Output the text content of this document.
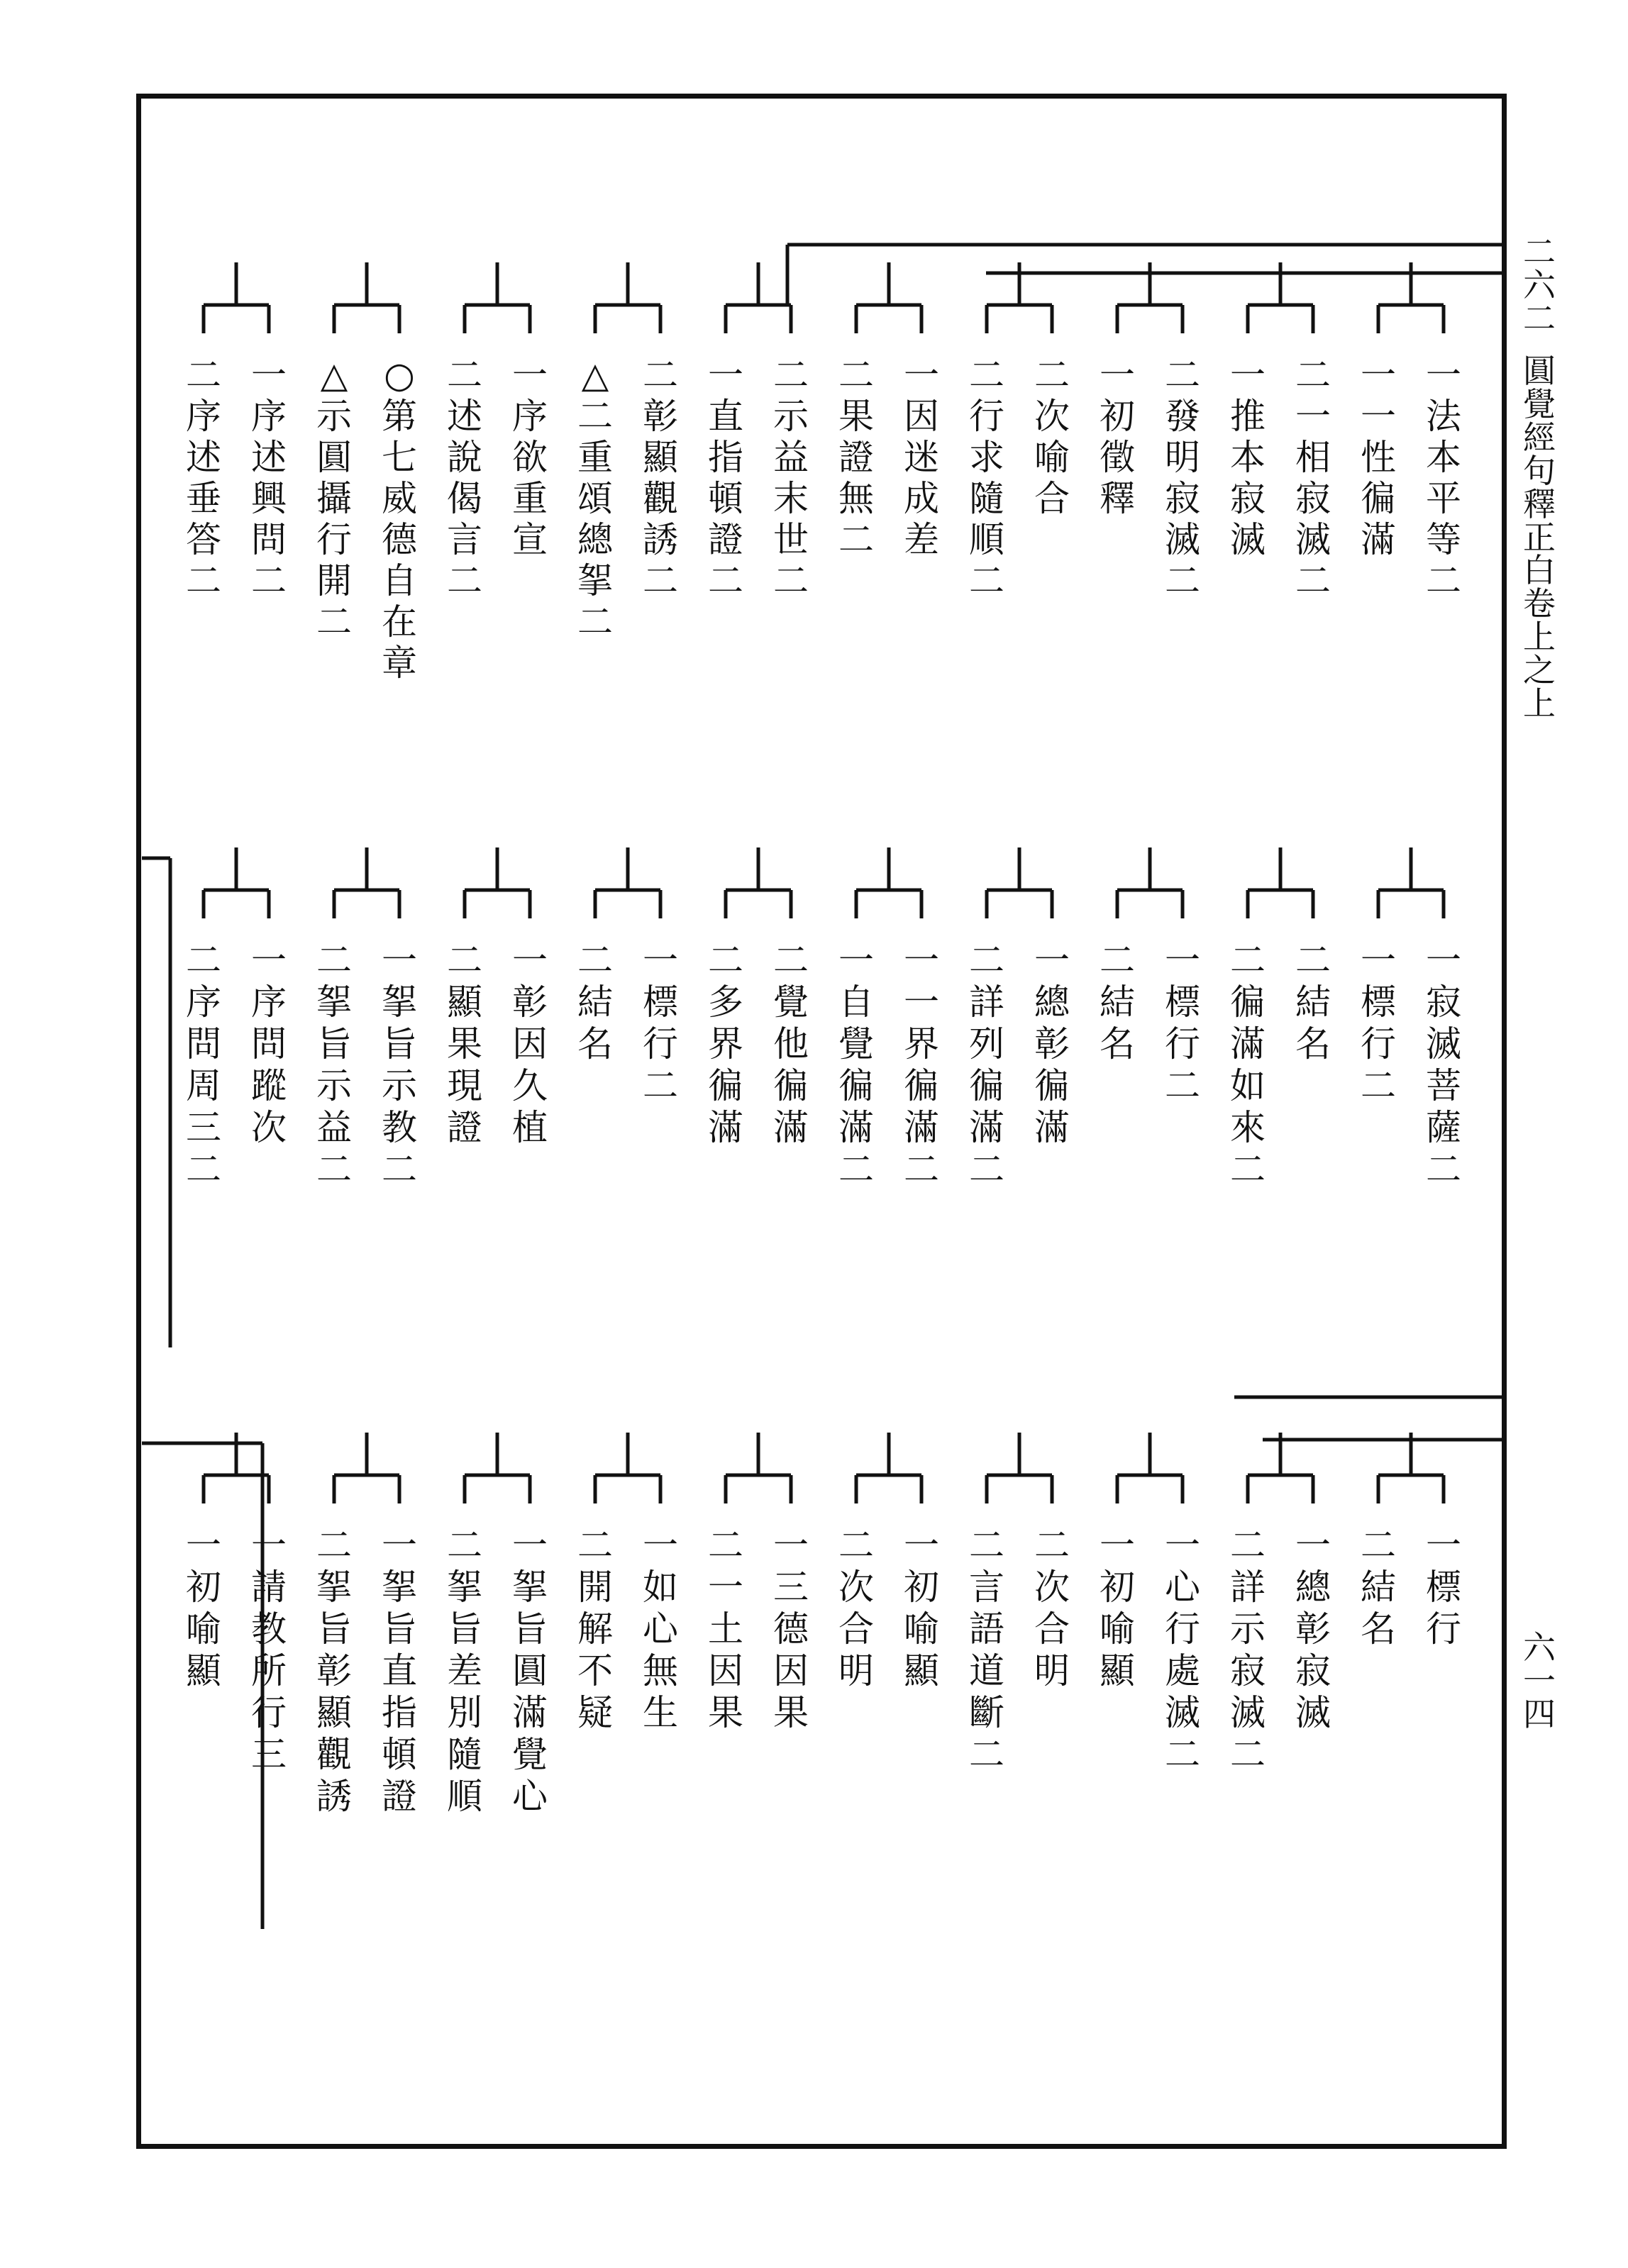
二
六
二
圓
覺
經
句
釋
正
白
卷
上
之
上
六
一
四
一
法
本
平
等
二
一
一
性
徧
滿
二
一
相
寂
滅
二
一
推
本
寂
滅
二
發
明
寂
滅
二
一
初
徵
釋
二
次
喻
合
二
行
求
隨
順
二
一
因
迷
成
差
二
果
證
無
二
二
示
益
末
世
二
一
直
指
頓
證
二
二
彰
顯
觀
誘
二
△
二
重
頌
總
挐
二
一
序
欲
重
宣
二
述
說
偈
言
二
○
第
七
威
德
自
在
章
△
示
圓
攝
行
開
二
一
序
述
興
問
二
二
序
述
垂
答
二
一
寂
滅
菩
薩
二
一
標
行
二
二
結
名
二
徧
滿
如
來
二
一
標
行
二
二
結
名
一
總
彰
徧
滿
二
詳
列
徧
滿
二
一
一
界
徧
滿
二
一
自
覺
徧
滿
二
二
覺
他
徧
滿
二
多
界
徧
滿
一
標
行
二
二
結
名
一
彰
因
久
植
二
顯
果
現
證
一
挐
旨
示
教
二
二
挐
旨
示
益
二
一
序
問
蹤
次
二
序
問
周
三
二
一
標
行
二
結
名
一
總
彰
寂
滅
二
詳
示
寂
滅
二
一
心
行
處
滅
二
一
初
喻
顯
二
次
合
明
二
言
語
道
斷
二
一
初
喻
顯
二
次
合
明
一
三
德
因
果
二
一
土
因
果
一
如
心
無
生
二
開
解
不
疑
一
挐
旨
圓
滿
覺
心
二
挐
旨
差
別
隨
順
一
挐
旨
直
指
頓
證
二
挐
旨
彰
顯
觀
誘
一
請
教
所
行
三
一
初
喻
顯
